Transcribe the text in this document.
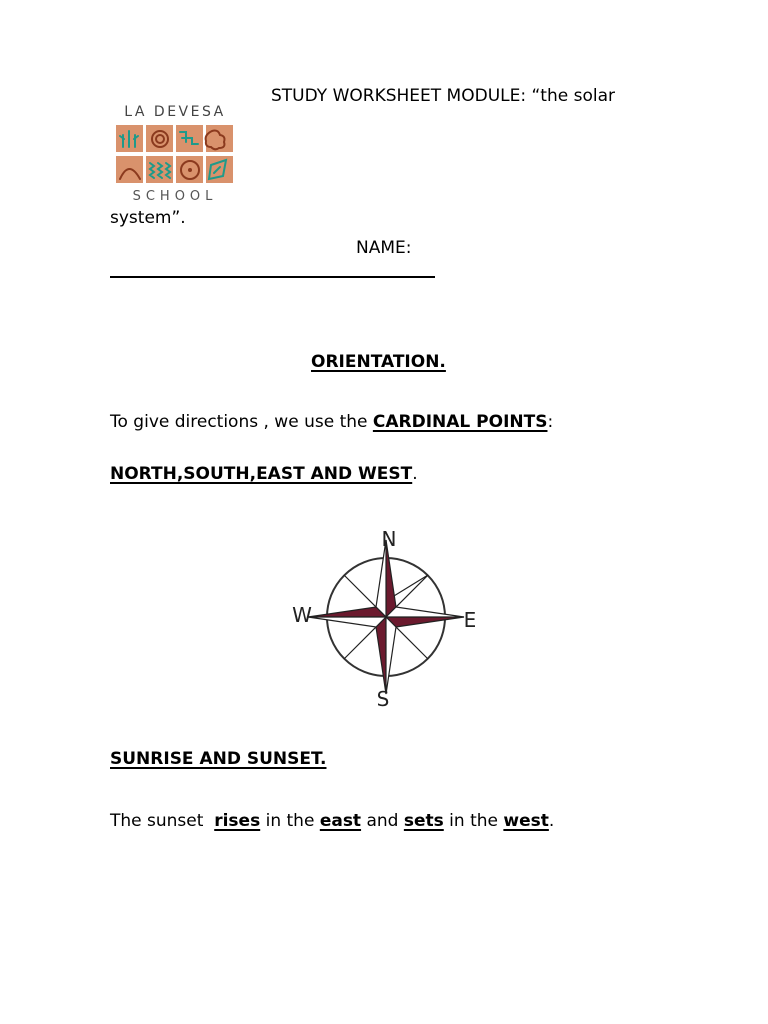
STUDY WORKSHEET MODULE: “the solar
LA DEVESA
SCHOOL
system”.
NAME:
ORIENTATION.
To give directions , we use the CARDINAL POINTS:
NORTH,SOUTH,EAST AND WEST.
N
S
E
W
SUNRISE AND SUNSET.
The sunset  rises in the east and sets in the west.
